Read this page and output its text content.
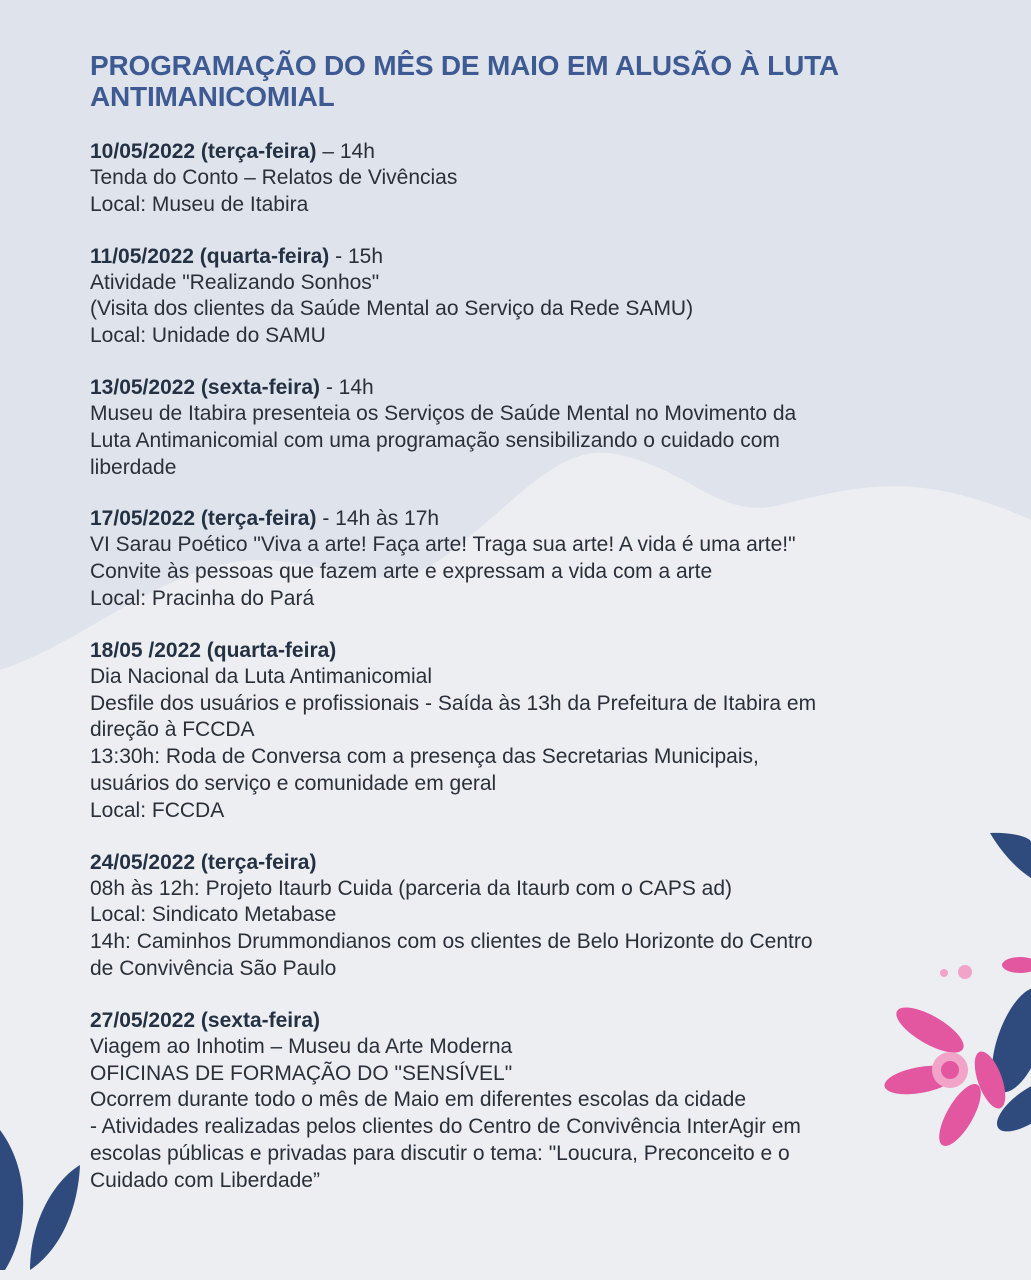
PROGRAMAÇÃO DO MÊS DE MAIO EM ALUSÃO À LUTA
ANTIMANICOMIAL
10/05/2022 (terça-feira) – 14h
Tenda do Conto – Relatos de Vivências
Local: Museu de Itabira
11/05/2022 (quarta-feira) - 15h
Atividade "Realizando Sonhos"
(Visita dos clientes da Saúde Mental ao Serviço da Rede SAMU)
Local: Unidade do SAMU
13/05/2022 (sexta-feira) - 14h
Museu de Itabira presenteia os Serviços de Saúde Mental no Movimento da
Luta Antimanicomial com uma programação sensibilizando o cuidado com
liberdade
17/05/2022 (terça-feira) - 14h às 17h
VI Sarau Poético "Viva a arte! Faça arte! Traga sua arte! A vida é uma arte!"
Convite às pessoas que fazem arte e expressam a vida com a arte
Local: Pracinha do Pará
18/05 /2022 (quarta-feira)
Dia Nacional da Luta Antimanicomial
Desfile dos usuários e profissionais - Saída às 13h da Prefeitura de Itabira em
direção à FCCDA
13:30h: Roda de Conversa com a presença das Secretarias Municipais,
usuários do serviço e comunidade em geral
Local: FCCDA
24/05/2022 (terça-feira)
08h às 12h: Projeto Itaurb Cuida (parceria da Itaurb com o CAPS ad)
Local: Sindicato Metabase
14h: Caminhos Drummondianos com os clientes de Belo Horizonte do Centro
de Convivência São Paulo
27/05/2022 (sexta-feira)
Viagem ao Inhotim – Museu da Arte Moderna
OFICINAS DE FORMAÇÃO DO "SENSÍVEL"
Ocorrem durante todo o mês de Maio em diferentes escolas da cidade
- Atividades realizadas pelos clientes do Centro de Convivência InterAgir em
escolas públicas e privadas para discutir o tema: "Loucura, Preconceito e o
Cuidado com Liberdade”
